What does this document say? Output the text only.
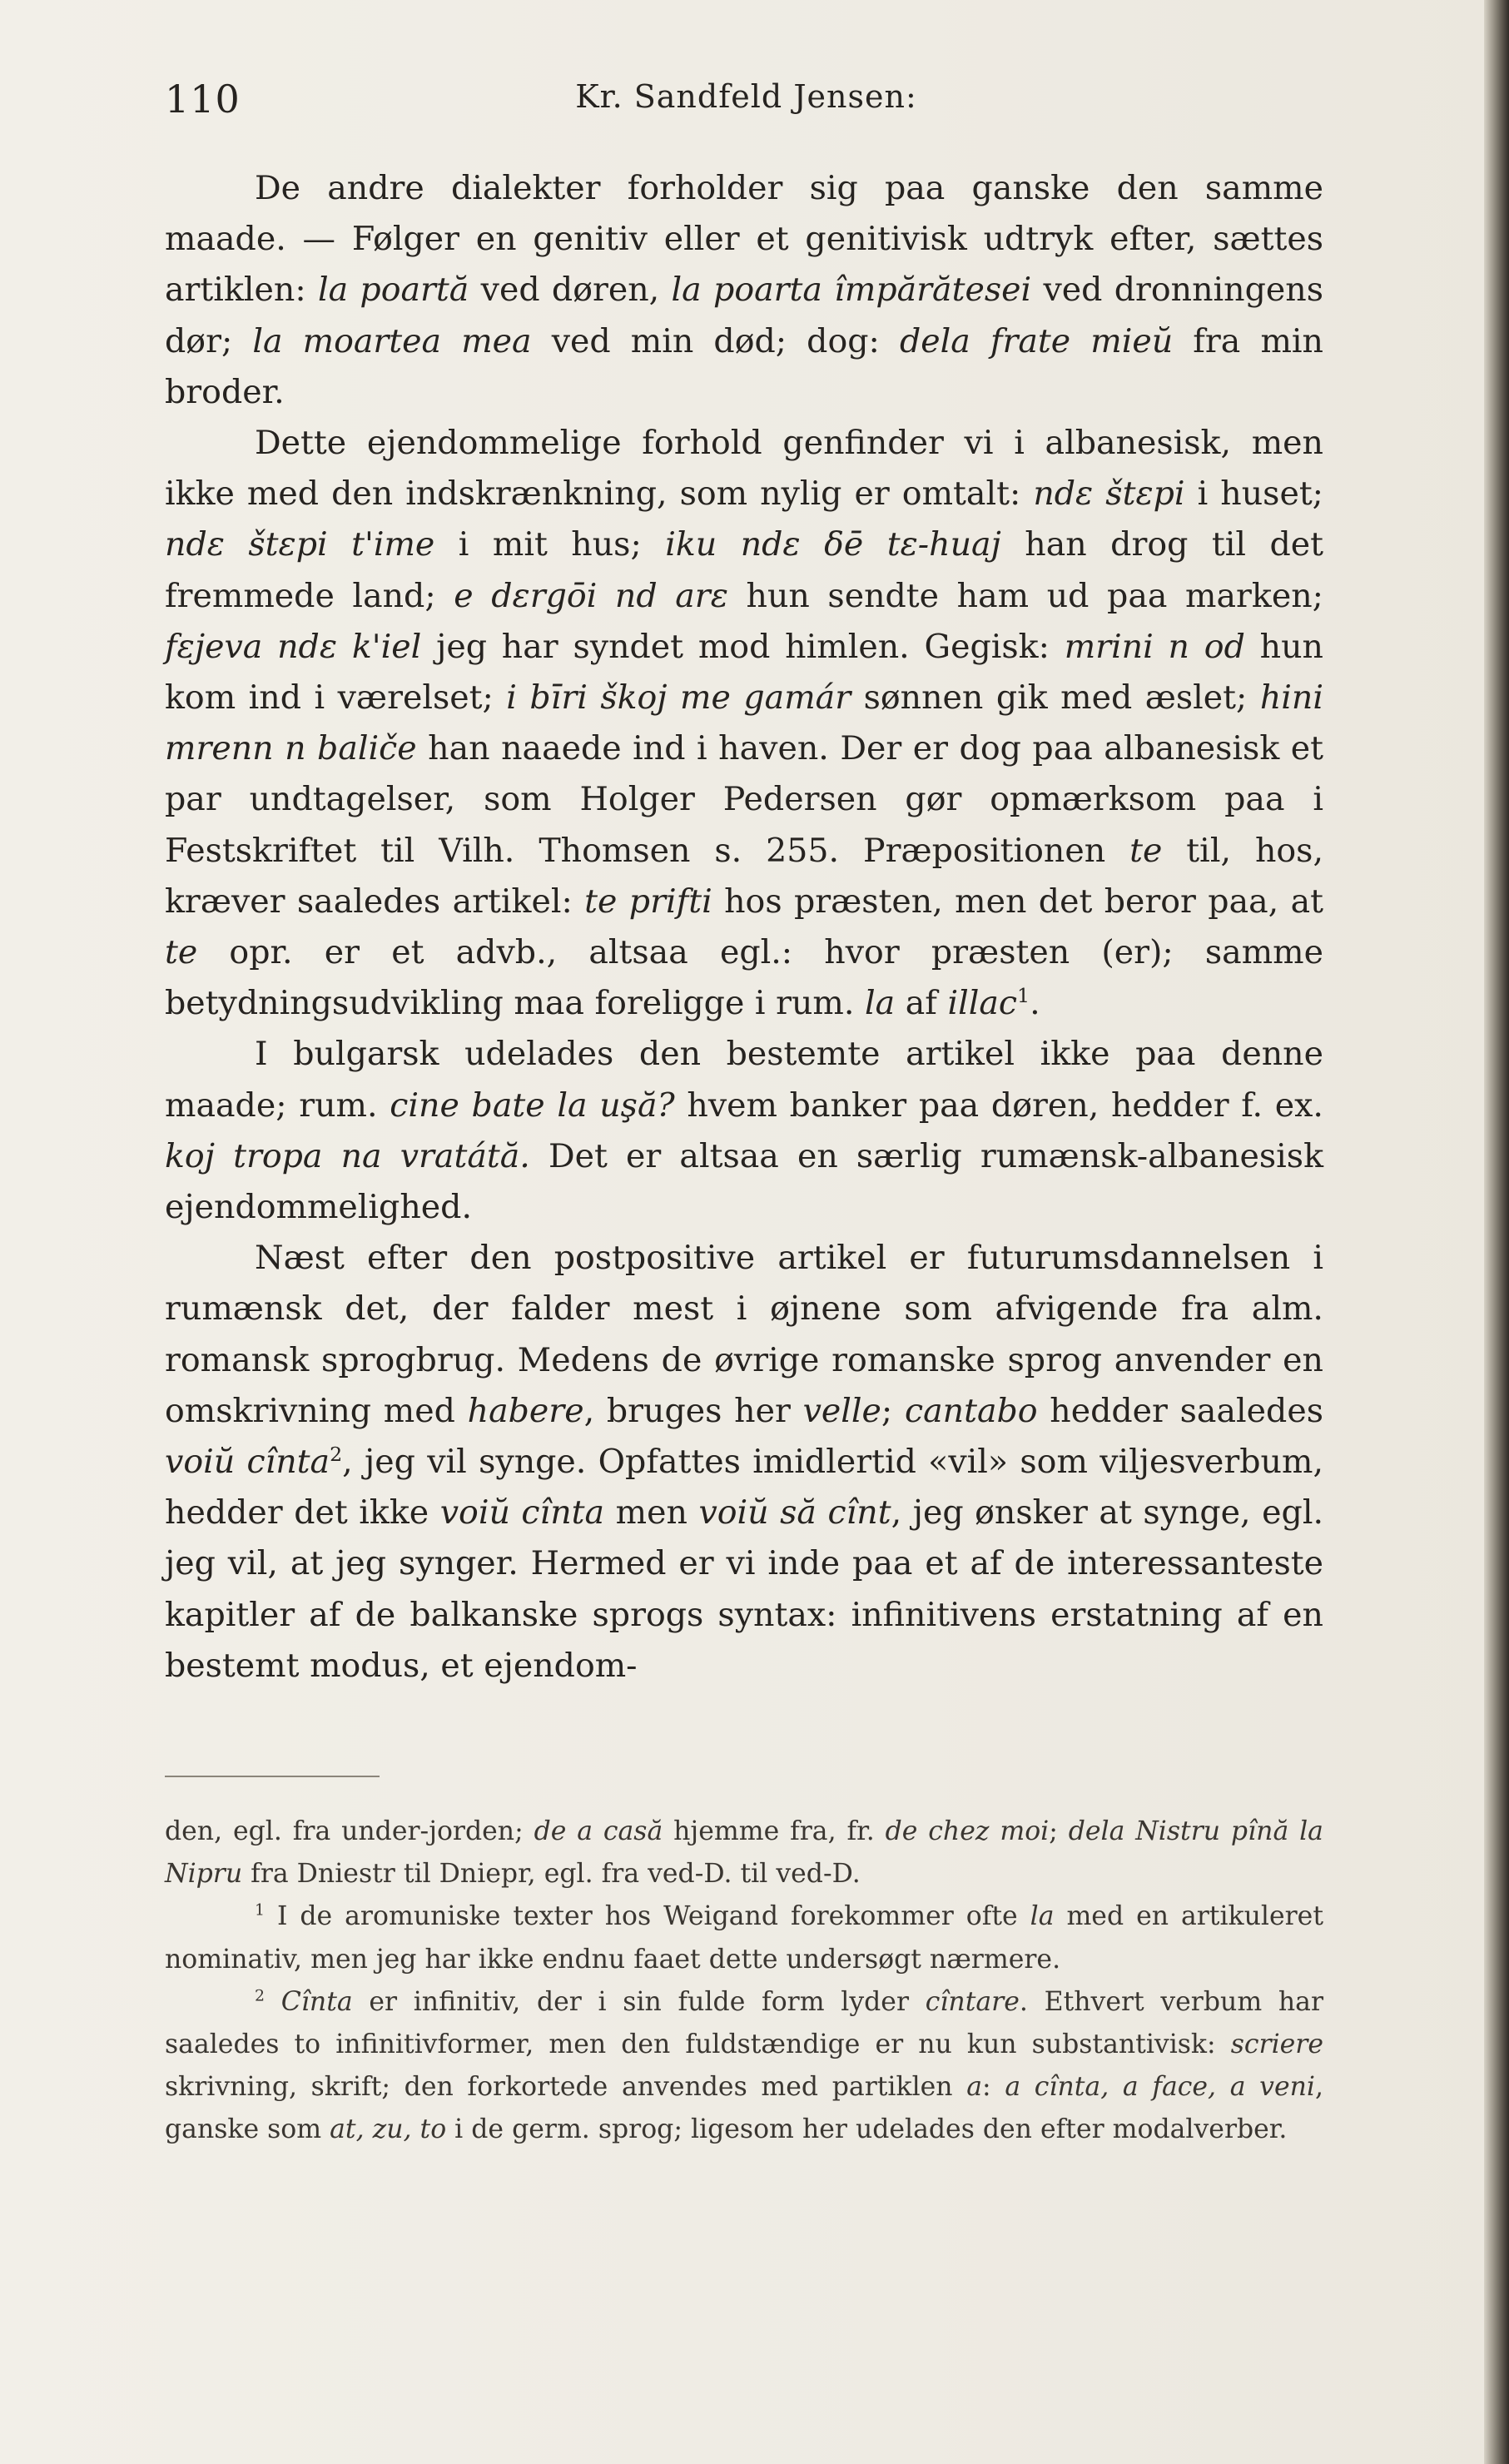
110	Kr. Sandfeld Jensen:

De andre dialekter forholder sig paa ganske den samme maade. — Følger en genitiv eller et genitivisk udtryk efter, sættes artiklen: la poartă ved døren, la poarta împărătesei ved dronningens dør; la moartea mea ved min død; dog: dela frate mieŭ fra min broder.

Dette ejendommelige forhold genfinder vi i albanesisk, men ikke med den indskrænkning, som nylig er omtalt: ndε štεpi i huset; ndε štεpi t'ime i mit hus; iku ndε δē tε-huaj han drog til det fremmede land; e dεrgōi nd arε hun sendte ham ud paa marken; fεjeva ndε k'iel jeg har syndet mod himlen. Gegisk: mrini n od hun kom ind i værelset; i bīri škoj me gamár sønnen gik med æslet; hini mrenn n baliče han naaede ind i haven. Der er dog paa albanesisk et par undtagelser, som Holger Pedersen gør opmærksom paa i Festskriftet til Vilh. Thomsen s. 255. Præpositionen te til, hos, kræver saaledes artikel: te prifti hos præsten, men det beror paa, at te opr. er et advb., altsaa egl.: hvor præsten (er); samme betydningsudvikling maa foreligge i rum. la af illac$^1$.

I bulgarsk udelades den bestemte artikel ikke paa denne maade; rum. cine bate la uşă? hvem banker paa døren, hedder f. ex. koj tropa na vratátă. Det er altsaa en særlig rumænsk-albanesisk ejendommelighed.

Næst efter den postpositive artikel er futurumsdannelsen i rumænsk det, der falder mest i øjnene som afvigende fra alm. romansk sprogbrug. Medens de øvrige romanske sprog anvender en omskrivning med habere, bruges her velle; cantabo hedder saaledes voiŭ cînta$^2$, jeg vil synge. Opfattes imidlertid «vil» som viljesverbum, hedder det ikke voiŭ cînta men voiŭ să cînt, jeg ønsker at synge, egl. jeg vil, at jeg synger. Hermed er vi inde paa et af de interessanteste kapitler af de balkanske sprogs syntax: infinitivens erstatning af en bestemt modus, et ejendom-

den, egl. fra under-jorden; de a casă hjemme fra, fr. de chez moi; dela Nistru pînă la Nipru fra Dniestr til Dniepr, egl. fra ved-D. til ved-D.

$^1$ I de aromuniske texter hos Weigand forekommer ofte la med en artikuleret nominativ, men jeg har ikke endnu faaet dette undersøgt nærmere.

$^2$ Cînta er infinitiv, der i sin fulde form lyder cîntare. Ethvert verbum har saaledes to infinitivformer, men den fuldstændige er nu kun substantivisk: scriere skrivning, skrift; den forkortede anvendes med partiklen a: a cînta, a face, a veni, ganske som at, zu, to i de germ. sprog; ligesom her udelades den efter modalverber.
